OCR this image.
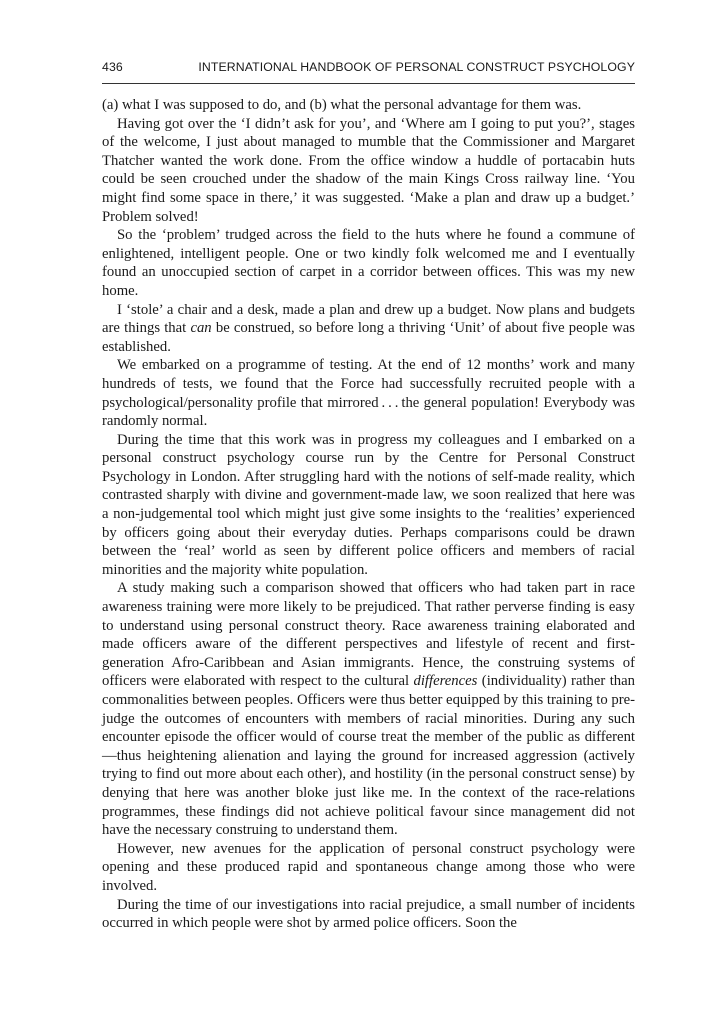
436	INTERNATIONAL HANDBOOK OF PERSONAL CONSTRUCT PSYCHOLOGY

(a) what I was supposed to do, and (b) what the personal advantage for them was.

Having got over the ‘I didn’t ask for you’, and ‘Where am I going to put you?’, stages of the welcome, I just about managed to mumble that the Commissioner and Margaret Thatcher wanted the work done. From the office window a huddle of portacabin huts could be seen crouched under the shadow of the main Kings Cross railway line. ‘You might find some space in there,’ it was suggested. ‘Make a plan and draw up a budget.’ Problem solved!

So the ‘problem’ trudged across the field to the huts where he found a commune of enlightened, intelligent people. One or two kindly folk welcomed me and I eventually found an unoccupied section of carpet in a corridor between offices. This was my new home.

I ‘stole’ a chair and a desk, made a plan and drew up a budget. Now plans and budgets are things that can be construed, so before long a thriving ‘Unit’ of about five people was established.

We embarked on a programme of testing. At the end of 12 months’ work and many hundreds of tests, we found that the Force had successfully recruited people with a psychological/personality profile that mirrored . . . the general population! Everybody was randomly normal.

During the time that this work was in progress my colleagues and I embarked on a personal construct psychology course run by the Centre for Personal Construct Psychology in London. After struggling hard with the notions of self-made reality, which contrasted sharply with divine and government-made law, we soon realized that here was a non-judgemental tool which might just give some insights to the ‘realities’ experienced by officers going about their everyday duties. Perhaps comparisons could be drawn between the ‘real’ world as seen by different police officers and members of racial minorities and the majority white population.

A study making such a comparison showed that officers who had taken part in race awareness training were more likely to be prejudiced. That rather perverse finding is easy to understand using personal construct theory. Race awareness training elaborated and made officers aware of the different perspectives and lifestyle of recent and first-generation Afro-Caribbean and Asian immigrants. Hence, the construing systems of officers were elaborated with respect to the cultural differences (individuality) rather than commonalities between peoples. Officers were thus better equipped by this training to pre-judge the outcomes of encounters with members of racial minorities. During any such encounter episode the officer would of course treat the member of the public as different—thus heightening alienation and laying the ground for increased aggression (actively trying to find out more about each other), and hostility (in the personal construct sense) by denying that here was another bloke just like me. In the context of the race-relations programmes, these findings did not achieve political favour since management did not have the necessary construing to understand them.

However, new avenues for the application of personal construct psychology were opening and these produced rapid and spontaneous change among those who were involved.

During the time of our investigations into racial prejudice, a small number of incidents occurred in which people were shot by armed police officers. Soon the
